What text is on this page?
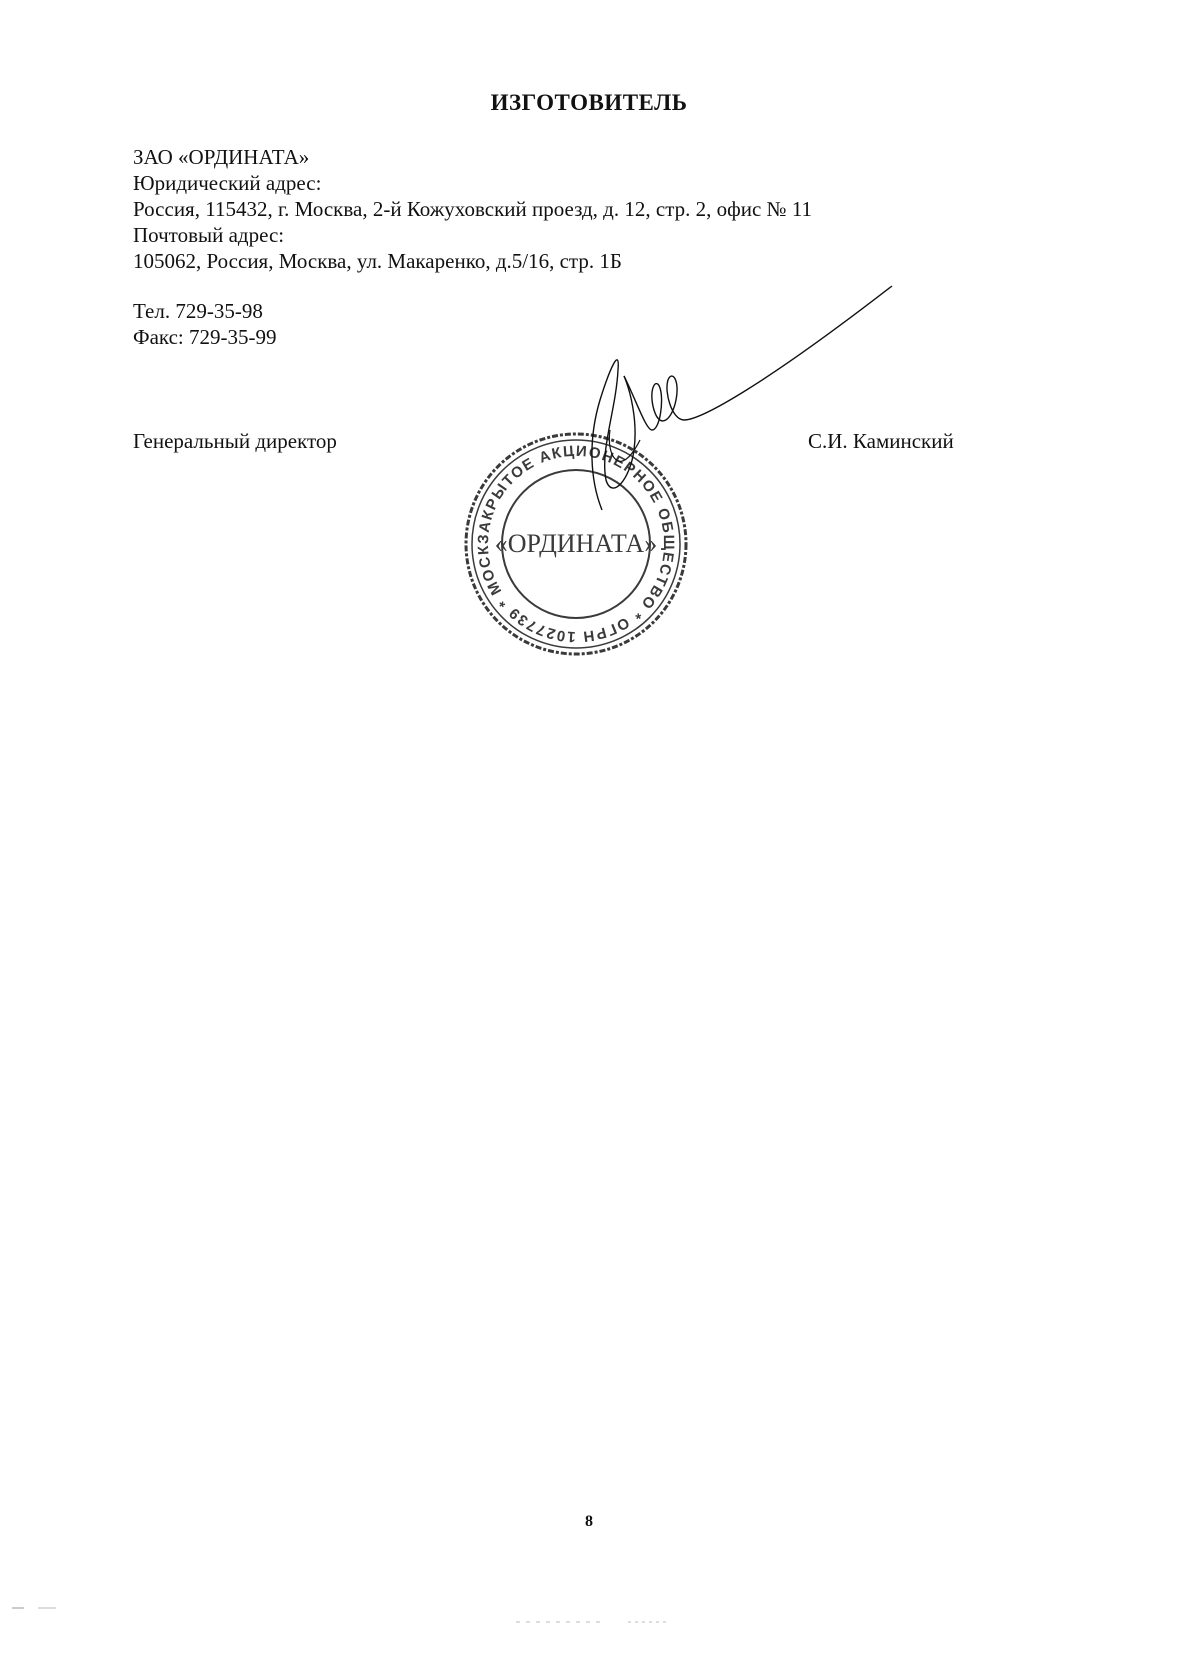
ИЗГОТОВИТЕЛЬ
ЗАО «ОРДИНАТА»
Юридический адрес:
Россия, 115432, г. Москва, 2-й Кожуховский проезд, д. 12, стр. 2, офис № 11
Почтовый адрес:
105062, Россия, Москва, ул. Макаренко, д.5/16, стр. 1Б
Тел. 729-35-98
Факс: 729-35-99
Генеральный директор	С.И. Каминский
ЗАКРЫТОЕ АКЦИОНЕРНОЕ ОБЩЕСТВО * ОГРН 1027739 * МОСК «ОРДИНАТА»
8
